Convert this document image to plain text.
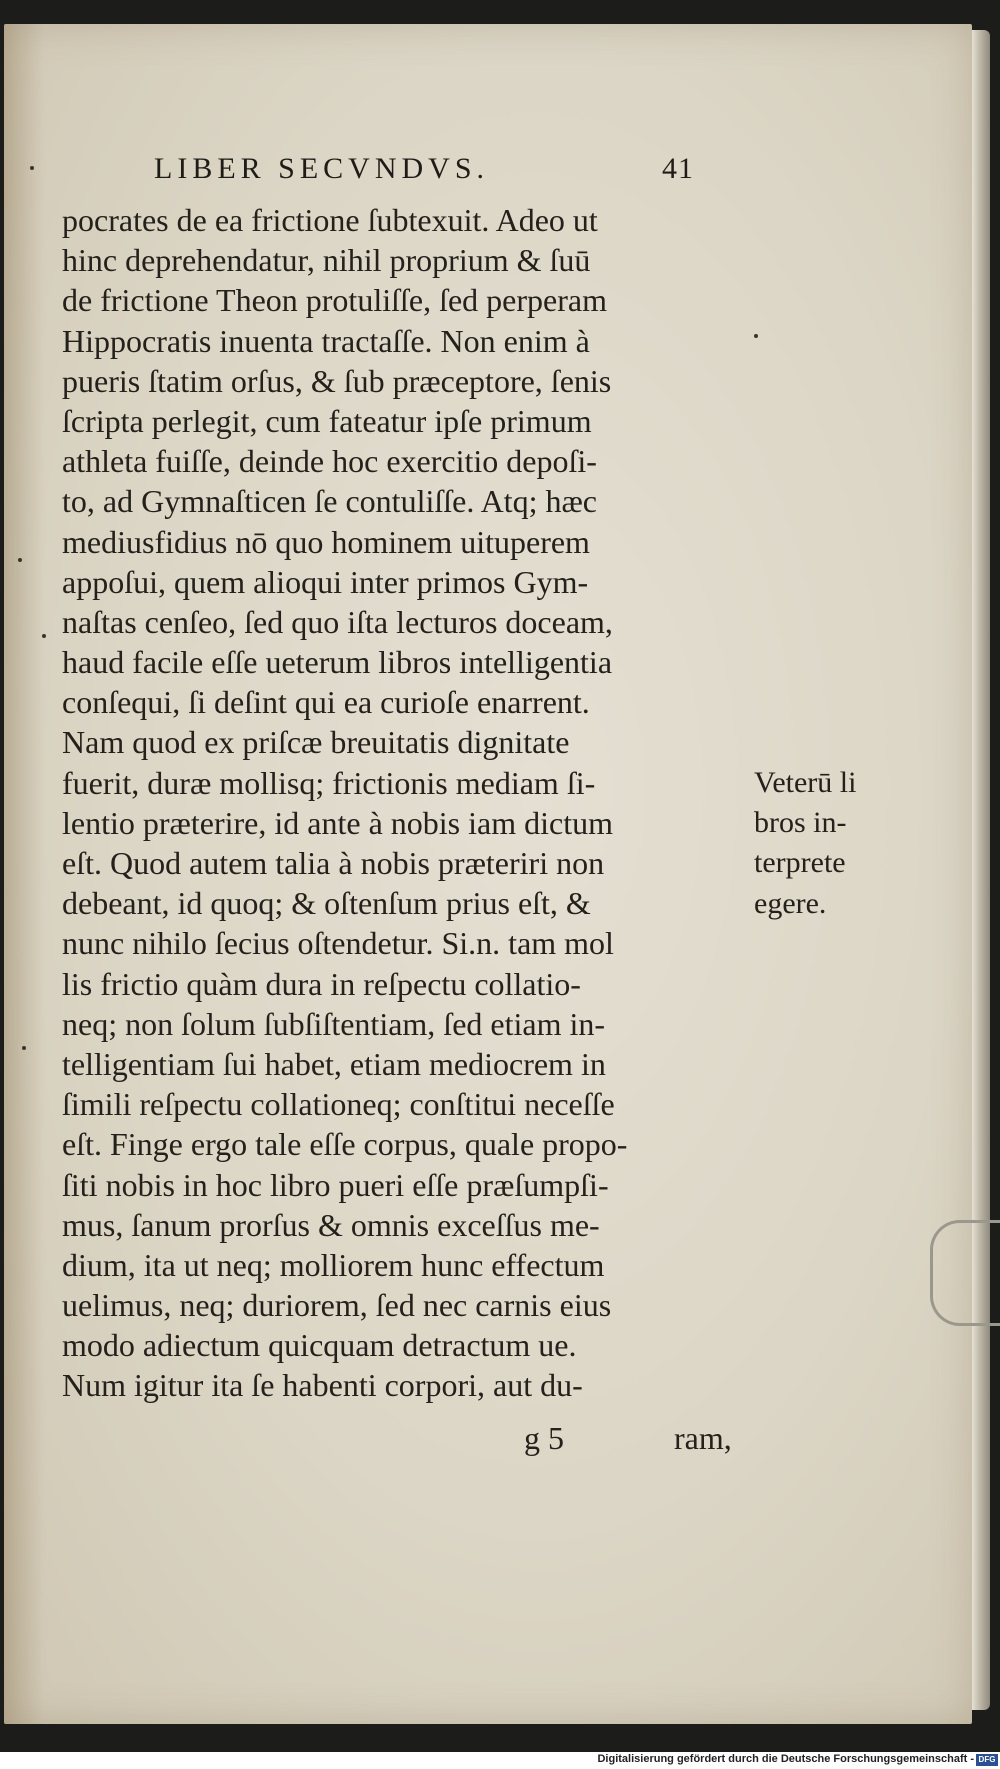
LIBER SECVNDVS.	41
pocrates de ea frictione ſubtexuit. Adeo ut
hinc deprehendatur, nihil proprium & ſuū
de frictione Theon protuliſſe, ſed perperam
Hippocratis inuenta tractaſſe. Non enim à
pueris ſtatim orſus, & ſub præceptore, ſenis
ſcripta perlegit, cum fateatur ipſe primum
athleta fuiſſe, deinde hoc exercitio depoſi-
to, ad Gymnaſticen ſe contuliſſe. Atq; hæc
mediusfidius nō quo hominem uituperem
appoſui, quem alioqui inter primos Gym-
naſtas cenſeo, ſed quo iſta lecturos doceam,
haud facile eſſe ueterum libros intelligentia
conſequi, ſi deſint qui ea curioſe enarrent.
Nam quod ex priſcæ breuitatis dignitate
fuerit, duræ mollisq; frictionis mediam ſi-
lentio præterire, id ante à nobis iam dictum
eſt. Quod autem talia à nobis præteriri non
debeant, id quoq; & oſtenſum prius eſt, &
nunc nihilo ſecius oſtendetur. Si.n. tam mol
lis frictio quàm dura in reſpectu collatio-
neq; non ſolum ſubſiſtentiam, ſed etiam in-
telligentiam ſui habet, etiam mediocrem in
ſimili reſpectu collationeq; conſtitui neceſſe
eſt. Finge ergo tale eſſe corpus, quale propo-
ſiti nobis in hoc libro pueri eſſe præſumpſi-
mus, ſanum prorſus & omnis exceſſus me-
dium, ita ut neq; molliorem hunc effectum
uelimus, neq; duriorem, ſed nec carnis eius
modo adiectum quicquam detractum ue.
Num igitur ita ſe habenti corpori, aut du-
Veterū li
bros in-
terprete
egere.
g 5	ram,
Digitalisierung gefördert durch die Deutsche Forschungsgemeinschaft - DFG
